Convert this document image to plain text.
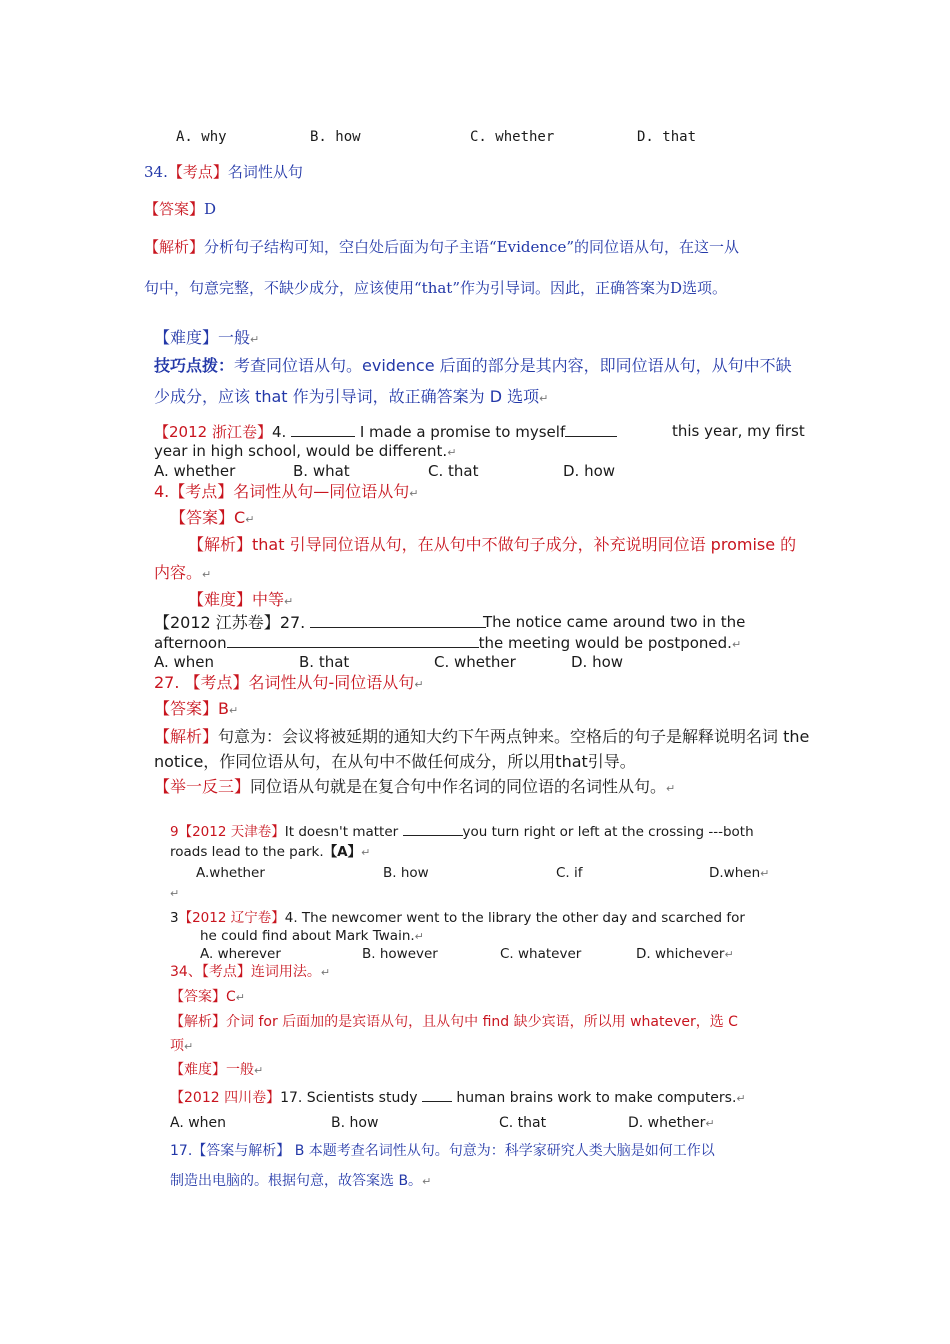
A. why	B. how	C. whether	D. that
34.【考点】名词性从句
【答案】D
【解析】分析句子结构可知，空白处后面为句子主语“Evidence”的同位语从句，在这一从
句中，句意完整，不缺少成分，应该使用“that”作为引导词。因此，正确答案为D选项。
【难度】一般↵
技巧点拨：考查同位语从句。evidence 后面的部分是其内容，即同位语从句，从句中不缺
少成分，应该 that 作为引导词，故正确答案为 D 选项↵
【2012 浙江卷】4.	I made a promise to myself	this year, my first
year in high school, would be different.↵
A. whether	B. what	C. that	D. how
4.【考点】名词性从句—同位语从句↵
【答案】C↵
【解析】that 引导同位语从句，在从句中不做句子成分，补充说明同位语 promise 的
内容。↵
【难度】中等↵
【2012 江苏卷】27.	The notice came around two in the
afternoon	the meeting would be postponed.↵
A. when	B. that	C. whether	D. how
27. 【考点】名词性从句-同位语从句↵
【答案】B↵
【解析】句意为：会议将被延期的通知大约下午两点钟来。空格后的句子是解释说明名词 the
notice，作同位语从句，在从句中不做任何成分，所以用that引导。
【举一反三】同位语从句就是在复合句中作名词的同位语的名词性从句。↵
9【2012 天津卷】It doesn't matter	you turn right or left at the crossing ---both
roads lead to the park.【A】↵
A.whether	B. how	C. if	D.when↵
↵
3【2012 辽宁卷】4. The newcomer went to the library the other day and scarched for
he could find about Mark Twain.↵
A. wherever	B. however	C. whatever	D. whichever↵
34、【考点】连词用法。↵
【答案】C↵
【解析】介词 for 后面加的是宾语从句，且从句中 find 缺少宾语，所以用 whatever，选 C
项↵
【难度】一般↵
【2012 四川卷】17. Scientists study	human brains work to make computers.↵
A. when	B. how	C. that	D. whether↵
17.【答案与解析】 B 本题考查名词性从句。句意为：科学家研究人类大脑是如何工作以
制造出电脑的。根据句意，故答案选 B。↵
